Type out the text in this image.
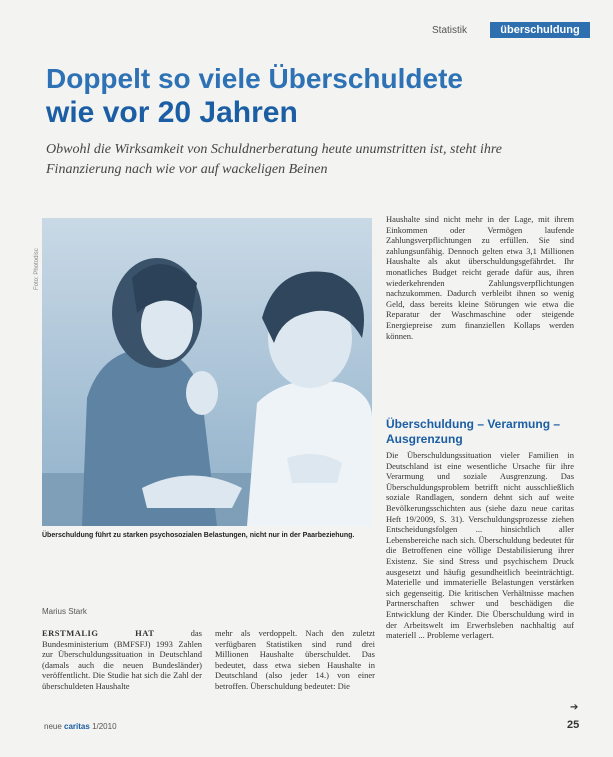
Statistik	überschuldung
Doppelt so viele Überschuldete
wie vor 20 Jahren
Obwohl die Wirksamkeit von Schuldnerberatung heute unumstritten ist, steht ihre Finanzierung nach wie vor auf wackeligen Beinen
Foto: Photodisc
Überschuldung führt zu starken psychosozialen Belastungen, nicht nur in der Paarbeziehung.
Haushalte sind nicht mehr in der Lage, mit ihrem Einkommen oder Vermögen laufende Zahlungsverpflichtungen zu erfüllen. Sie sind zahlungsunfähig. Dennoch gelten etwa 3,1 Millionen Haushalte als akut überschuldungsgefährdet. Ihr monatliches Budget reicht gerade dafür aus, ihren wiederkehrenden Zahlungsverpflichtungen nachzukommen. Dadurch verbleibt ihnen so wenig Geld, dass bereits kleine Störungen wie etwa die Reparatur der Waschmaschine oder steigende Energiepreise zum finanziellen Kollaps werden können.
Überschuldung – Verarmung – Ausgrenzung
Die Überschuldungssituation vieler Familien in Deutschland ist eine wesentliche Ursache für ihre Verarmung und soziale Ausgrenzung. Das Überschuldungsproblem betrifft nicht ausschließlich soziale Randlagen, sondern dehnt sich auf weite Bevölkerungsschichten aus (siehe dazu neue caritas Heft 19/2009, S. 31). Verschuldungsprozesse ziehen Entscheidungsfolgen ... hinsichtlich aller Lebensbereiche nach sich. Überschuldung bedeutet für die Betroffenen eine völlige Destabilisierung ihrer Existenz. Sie sind Stress und psychischem Druck ausgesetzt und häufig gesundheitlich beeinträchtigt. Materielle und immaterielle Belastungen verstärken sich gegenseitig. Die kritischen Verhältnisse machen Partnerschaften schwer und beschädigen die Entwicklung der Kinder. Die Überschuldung wird in der Arbeitswelt im Erwerbsleben nachhaltig auf materiell ... Probleme verlagert.
Marius Stark
ERSTMALIG HAT	das Bundesministerium (BMFSFJ) 1993 Zahlen zur Überschuldungssituation in Deutschland (damals auch die neuen Bundesländer) veröffentlicht. Die Studie hat sich die Zahl der überschuldeten Haushalte
mehr als verdoppelt. Nach den zuletzt verfügbaren Statistiken sind rund drei Millionen Haushalte überschuldet. Das bedeutet, dass etwa sieben Haushalte in Deutschland (also jeder 14.) von einer betroffen. Überschuldung bedeutet: Die
➔
neue caritas 1/2010	25
